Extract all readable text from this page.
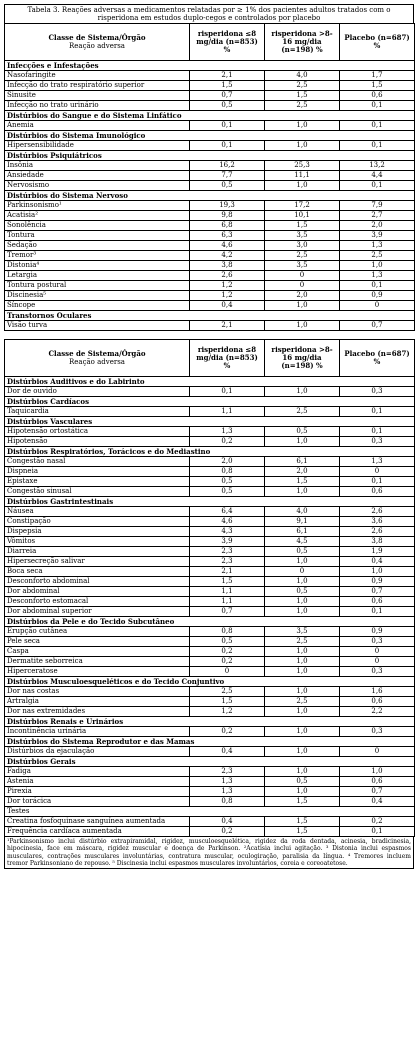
Tabela 3. Reações adversas a medicamentos relatadas por ≥ 1% dos pacientes adultos tratados com o risperidona em estudos duplo-cegos e controlados por placebo
Classe de Sistema/Órgão
Reação adversa	risperidona ≤8 mg/dia (n=853) %	risperidona >8-16 mg/dia (n=198) %	Placebo (n=687) %
Infecções e Infestações			
Nasofaringite	2,1	4,0	1,7
Infecção do trato respiratório superior	1,5	2,5	1,5
Sinusite	0,7	1,5	0,6
Infecção no trato urinário	0,5	2,5	0,1
Distúrbios do Sangue e do Sistema Linfático			
Anemia	0,1	1,0	0,1
Distúrbios do Sistema Imunológico			
Hipersensibilidade	0,1	1,0	0,1
Distúrbios Psiquiátricos			
Insônia	16,2	25,3	13,2
Ansiedade	7,7	11,1	4,4
Nervosismo	0,5	1,0	0,1
Distúrbios do Sistema Nervoso			
Parkinsonismo¹	19,3	17,2	7,9
Acatisia²	9,8	10,1	2,7
Sonolência	6,8	1,5	2,0
Tontura	6,3	3,5	3,9
Sedação	4,6	3,0	1,3
Tremor³	4,2	2,5	2,5
Distonia⁴	3,8	3,5	1,0
Letargia	2,6	0	1,3
Tontura postural	1,2	0	0,1
Discinesia⁵	1,2	2,0	0,9
Síncope	0,4	1,0	0
Transtornos Oculares			
Visão turva	2,1	1,0	0,7
Classe de Sistema/Órgão
Reação adversa	risperidona ≤8 mg/dia (n=853) %	risperidona >8-16 mg/dia (n=198) %	Placebo (n=687) %
Distúrbios Auditivos e do Labirinto			
Dor de ouvido	0,1	1,0	0,3
Distúrbios Cardíacos			
Taquicardia	1,1	2,5	0,1
Distúrbios Vasculares			
Hipotensão ortostática	1,3	0,5	0,1
Hipotensão	0,2	1,0	0,3
Distúrbios Respiratórios, Torácicos e do Mediastino			
Congestão nasal	2,0	6,1	1,3
Dispneia	0,8	2,0	0
Epistaxe	0,5	1,5	0,1
Congestão sinusal	0,5	1,0	0,6
Distúrbios Gastrintestinais			
Náusea	6,4	4,0	2,6
Constipação	4,6	9,1	3,6
Dispepsia	4,3	6,1	2,6
Vômitos	3,9	4,5	3,8
Diarreia	2,3	0,5	1,9
Hipersecreção salivar	2,3	1,0	0,4
Boca seca	2,1	0	1,0
Desconforto abdominal	1,5	1,0	0,9
Dor abdominal	1,1	0,5	0,7
Desconforto estomacal	1,1	1,0	0,6
Dor abdominal superior	0,7	1,0	0,1
Distúrbios da Pele e do Tecido Subcutâneo			
Erupção cutânea	0,8	3,5	0,9
Pele seca	0,5	2,5	0,3
Caspa	0,2	1,0	0
Dermatite seborreica	0,2	1,0	0
Hiperceratose	0	1,0	0,3
Distúrbios Musculoesqueléticos e do Tecido Conjuntivo			
Dor nas costas	2,5	1,0	1,6
Artralgia	1,5	2,5	0,6
Dor nas extremidades	1,2	1,0	2,2
Distúrbios Renais e Urinários			
Incontinência urinária	0,2	1,0	0,3
Distúrbios do Sistema Reprodutor e das Mamas			
Distúrbios da ejaculação	0,4	1,0	0
Distúrbios Gerais			
Fadiga	2,3	1,0	1,0
Astenia	1,3	0,5	0,6
Pirexia	1,3	1,0	0,7
Dor torácica	0,8	1,5	0,4
Testes			
Creatina fosfoquinase sanguínea aumentada	0,4	1,5	0,2
Frequência cardíaca aumentada	0,2	1,5	0,1
¹Parkinsonismo inclui distúrbio extrapiramidal, rigidez, musculoesquelética, rigidez da roda dentada, acinesia, bradicinesia, hipocinesia, face em máscara, rigidez muscular e doença de Parkinson. ²Acatisia inclui agitação. ³ Distonia inclui espasmos musculares, contrações musculares involuntárias, contratura muscular, oculogiração, paralisia da língua. ⁴ Tremores incluem tremor Parkinsoniano de repouso. ⁵ Discinesia inclui espasmos musculares involuntários, coreia e coreoatetose.
